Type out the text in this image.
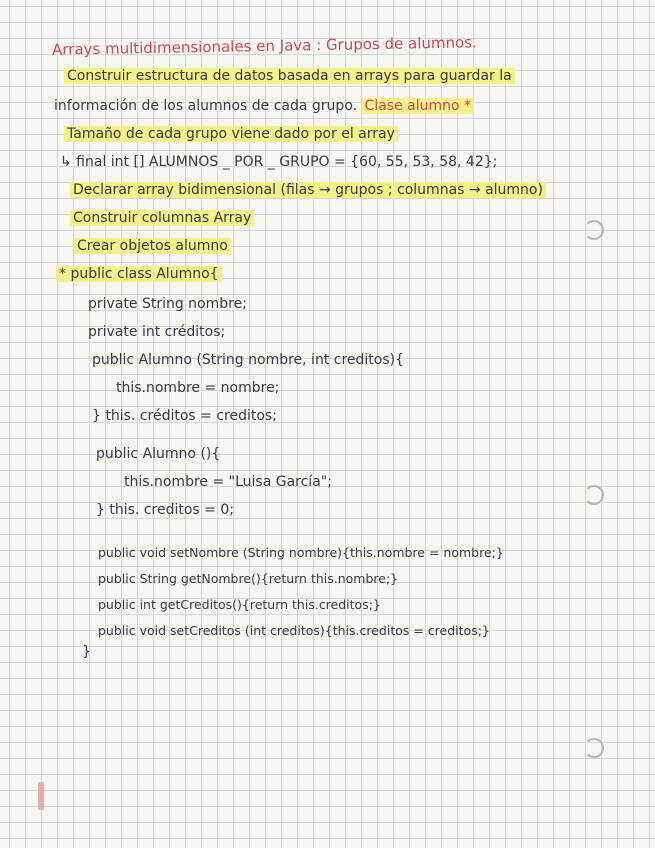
Arrays multidimensionales en Java : Grupos de alumnos.
Construir estructura de datos basada en arrays para guardar la
información de los alumnos de cada grupo. Clase alumno *
Tamaño de cada grupo viene dado por el array
↳ final int [] ALUMNOS _ POR _ GRUPO = {60, 55, 53, 58, 42};
Declarar array bidimensional (filas → grupos ; columnas → alumno)
Construir columnas Array
Crear objetos alumno
* public class Alumno{
private String nombre;
private int créditos;
public Alumno (String nombre, int creditos){
this.nombre = nombre;
} this. créditos = creditos;
public Alumno (){
this.nombre = "Luisa García";
} this. creditos = 0;
public void setNombre (String nombre){this.nombre = nombre;}
public String getNombre(){return this.nombre;}
public int getCreditos(){return this.creditos;}
public void setCreditos (int creditos){this.creditos = creditos;}
}
